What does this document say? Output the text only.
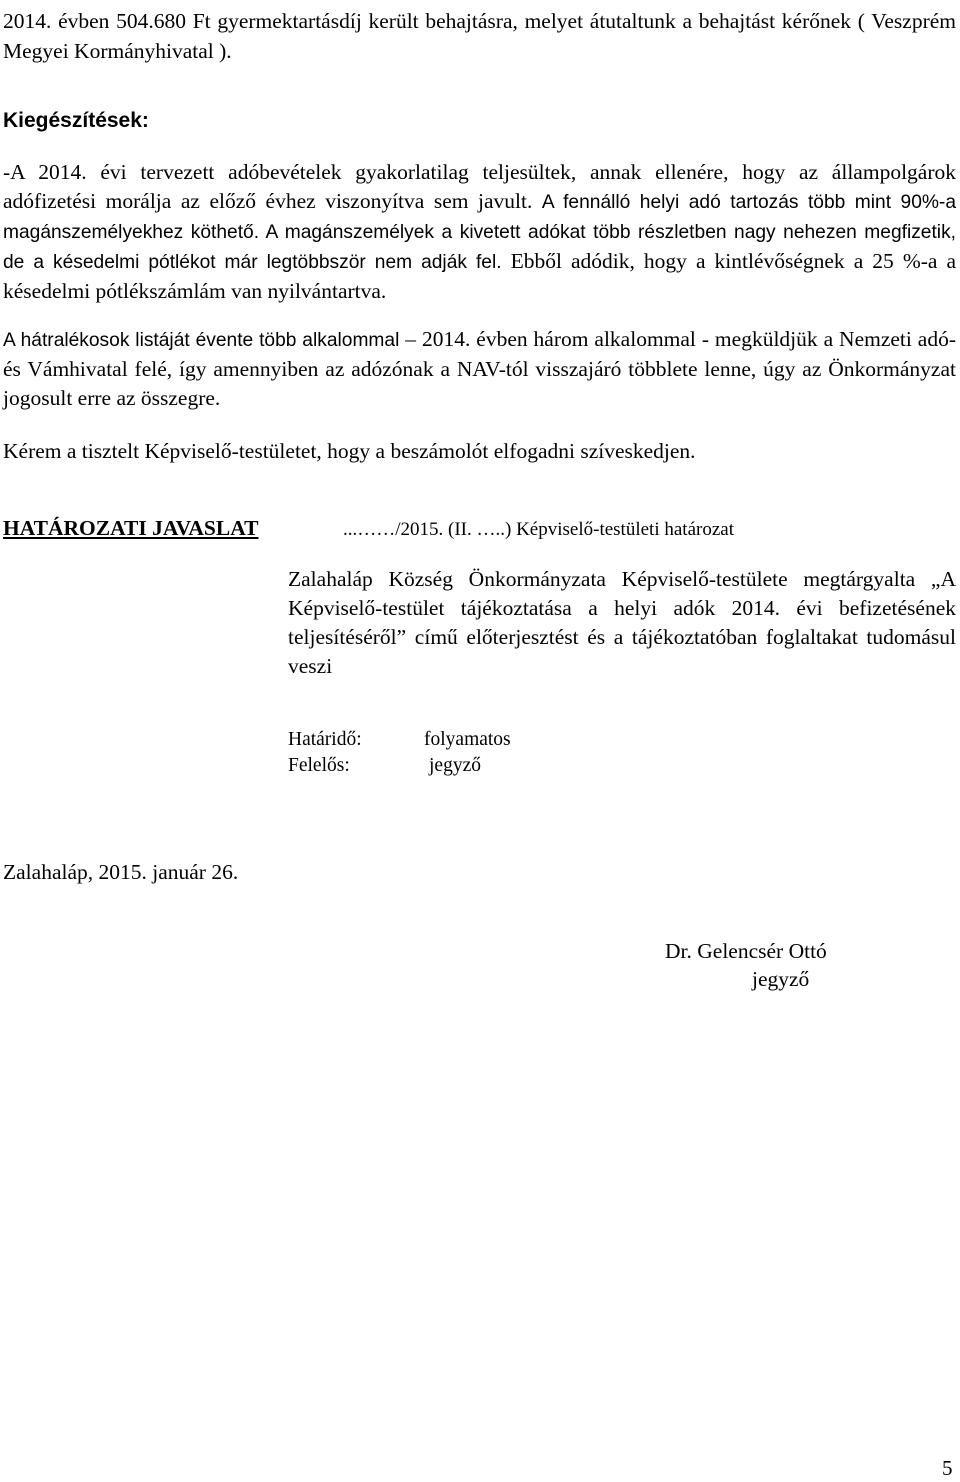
2014. évben 504.680 Ft gyermektartásdíj került behajtásra, melyet átutaltunk a behajtást kérőnek ( Veszprém Megyei Kormányhivatal ).

Kiegészítések:

-A 2014. évi tervezett adóbevételek gyakorlatilag teljesültek, annak ellenére, hogy az állampolgárok adófizetési morálja az előző évhez viszonyítva sem javult. A fennálló helyi adó tartozás több mint 90%-a magánszemélyekhez köthető. A magánszemélyek a kivetett adókat több részletben nagy nehezen megfizetik, de a késedelmi pótlékot már legtöbbször nem adják fel. Ebből adódik, hogy a kintlévőségnek a 25 %-a a késedelmi pótlékszámlám van nyilvántartva.

A hátralékosok listáját évente több alkalommal – 2014. évben három alkalommal - megküldjük a Nemzeti adó- és Vámhivatal felé, így amennyiben az adózónak a NAV-tól visszajáró többlete lenne, úgy az Önkormányzat jogosult erre az összegre.

Kérem a tisztelt Képviselő-testületet, hogy a beszámolót elfogadni szíveskedjen.

HATÁROZATI JAVASLAT	...……/2015. (II. …..) Képviselő-testületi határozat

Zalahaláp Község Önkormányzata Képviselő-testülete megtárgyalta „A Képviselő-testület tájékoztatása a helyi adók 2014. évi befizetésének teljesítéséről” című előterjesztést és a tájékoztatóban foglaltakat tudomásul veszi

Határidő:	folyamatos
Felelős:	jegyző
Zalahaláp, 2015. január 26.
Dr. Gelencsér Ottó
jegyző
5
